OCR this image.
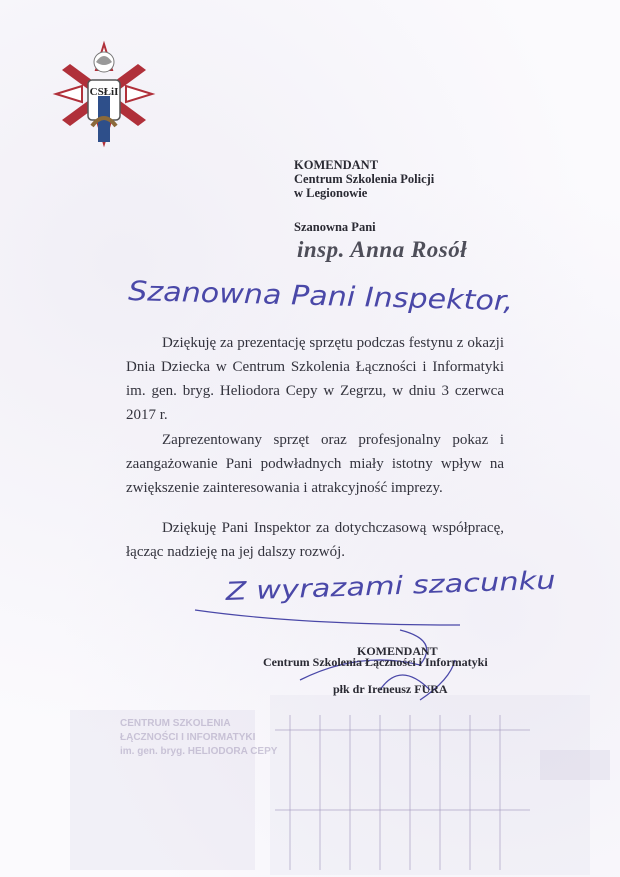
CENTRUM SZKOLENIA
ŁĄCZNOŚCI I INFORMATYKI
im. gen. bryg. HELIODORA CEPY
CSŁiI
KOMENDANT
Centrum Szkolenia Policji
w Legionowie
Szanowna Pani
insp. Anna Rosół
Szanowna Pani Inspektor,
Z wyrazami szacunku

Dziękuję za prezentację sprzętu podczas festynu z okazji Dnia Dziecka w Centrum Szkolenia Łączności i Informatyki im. gen. bryg. Heliodora Cepy w Zegrzu, w dniu 3 czerwca 2017 r.

Zaprezentowany sprzęt oraz profesjonalny pokaz i zaangażowanie Pani podwładnych miały istotny wpływ na zwiększenie zainteresowania i atrakcyjność imprezy.

Dziękuję Pani Inspektor za dotychczasową współpracę, łącząc nadzieję na jej dalszy rozwój.

KOMENDANT
Centrum Szkolenia Łączności i Informatyki
płk dr Ireneusz FURA
